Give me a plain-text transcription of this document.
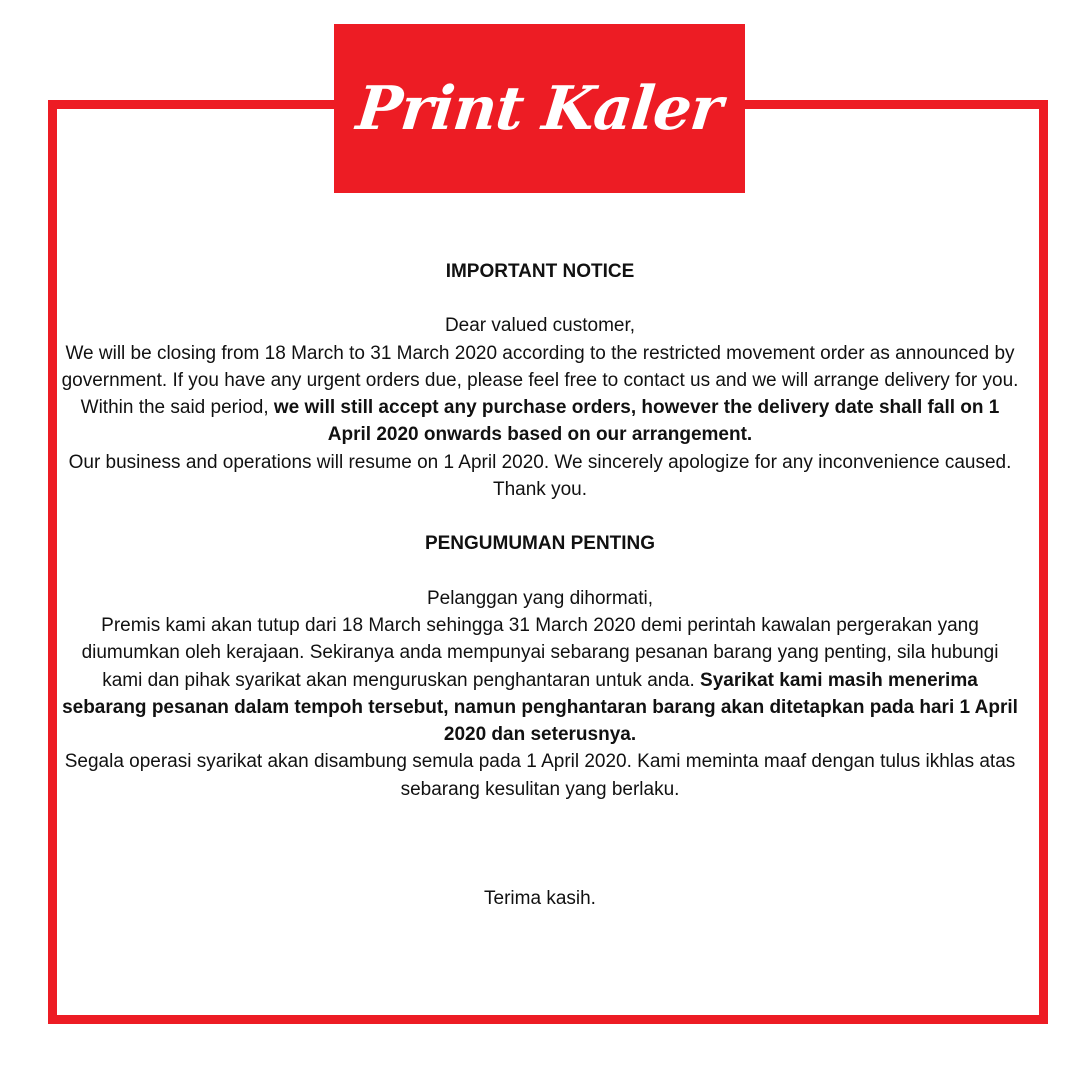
Print Kaler

IMPORTANT NOTICE

Dear valued customer,

We will be closing from 18 March to 31 March 2020 according to the restricted movement order as announced by government. If you have any urgent orders due, please feel free to contact us and we will arrange delivery for you. Within the said period, we will still accept any purchase orders, however the delivery date shall fall on 1 April 2020 onwards based on our arrangement.

Our business and operations will resume on 1 April 2020. We sincerely apologize for any inconvenience caused.

Thank you.

PENGUMUMAN PENTING

Pelanggan yang dihormati,

Premis kami akan tutup dari 18 March sehingga 31 March 2020 demi perintah kawalan pergerakan yang diumumkan oleh kerajaan. Sekiranya anda mempunyai sebarang pesanan barang yang penting, sila hubungi kami dan pihak syarikat akan menguruskan penghantaran untuk anda. Syarikat kami masih menerima sebarang pesanan dalam tempoh tersebut, namun penghantaran barang akan ditetapkan pada hari 1 April 2020 dan seterusnya.

Segala operasi syarikat akan disambung semula pada 1 April 2020. Kami meminta maaf dengan tulus ikhlas atas sebarang kesulitan yang berlaku.

Terima kasih.
